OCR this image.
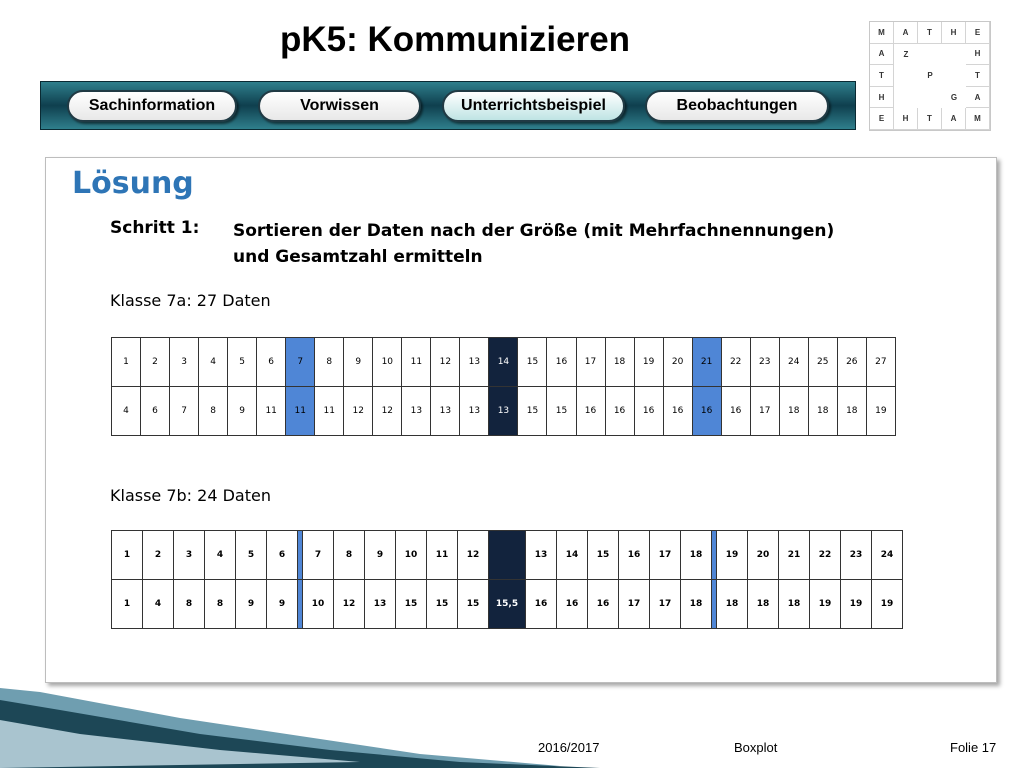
pK5: Kommunizieren	M	A	T	H	E
A	Z	H
T	P	T
H	G	A
E	H	T	A	M
Sachinformation	Vorwissen	Unterrichtsbeispiel	Beobachtungen
Lösung
Schritt 1: Sortieren der Daten nach der Größe (mit Mehrfachnennungen) und Gesamtzahl ermitteln
Klasse 7a: 27 Daten
1	2	3	4	5	6	7	8	9	10	11	12	13	14	15	16	17	18	19	20	21	22	23	24	25	26	27
4	6	7	8	9	11	11	11	12	12	13	13	13	13	15	15	16	16	16	16	16	16	17	18	18	18	19
Klasse 7b: 24 Daten
1	2	3	4	5	6		7	8	9	10	11	12		13	14	15	16	17	18		19	20	21	22	23	24
1	4	8	8	9	9		10	12	13	15	15	15	15,5	16	16	16	17	17	18		18	18	18	19	19	19
2016/2017	Boxplot	Folie 17
